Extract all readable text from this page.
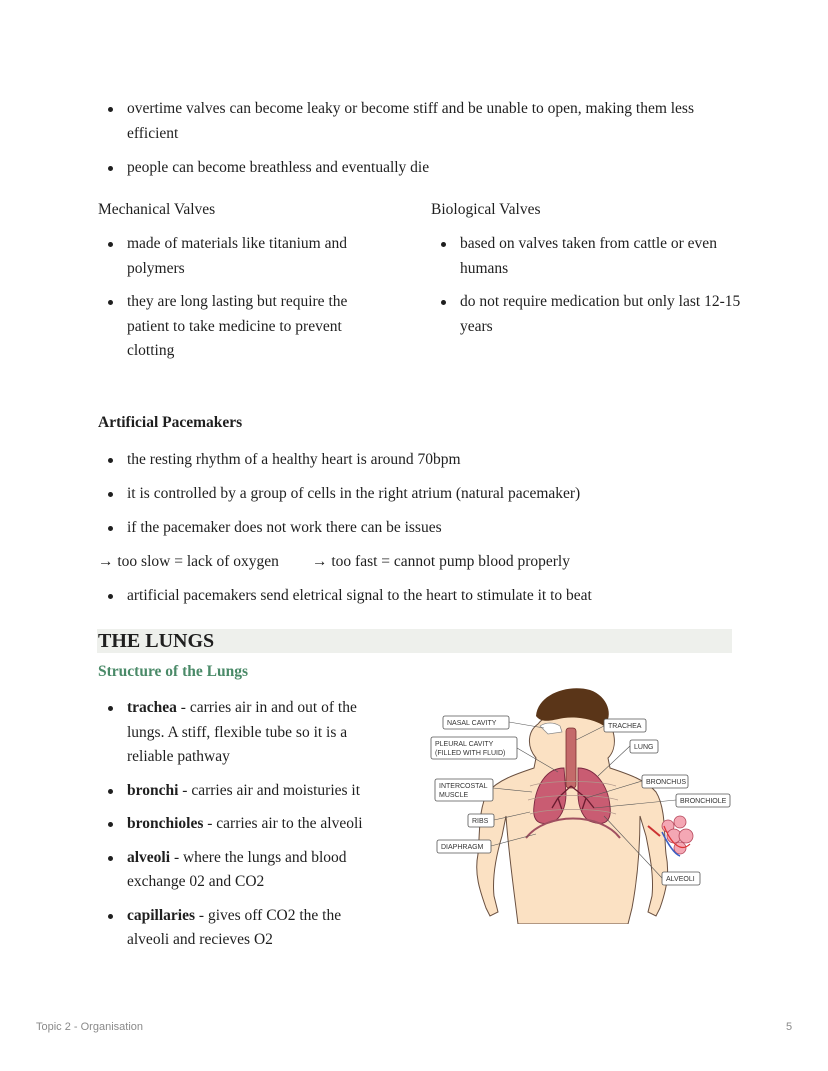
overtime valves can become leaky or become stiff and be unable to open, making them less efficient
people can become breathless and eventually die
Mechanical Valves
made of materials like titanium and polymers
they are long lasting but require the patient to take medicine to prevent clotting
Biological Valves
based on valves taken from cattle or even humans
do not require medication but only last 12-15 years
Artificial Pacemakers
the resting rhythm of a healthy heart is around 70bpm
it is controlled by a group of cells in the right atrium (natural pacemaker)
if the pacemaker does not work there can be issues
→ too slow = lack of oxygen → too fast = cannot pump blood properly
artificial pacemakers send eletrical signal to the heart to stimulate it to beat
THE LUNGS
Structure of the Lungs
trachea - carries air in and out of the lungs. A stiff, flexible tube so it is a reliable pathway
bronchi - carries air and moisturies it
bronchioles - carries air to the alveoli
alveoli - where the lungs and blood exchange 02 and CO2
capillaries - gives off CO2 the the alveoli and recieves O2
NASAL CAVITY
PLEURAL CAVITY
(FILLED WITH FLUID)
INTERCOSTAL
MUSCLE
RIBS
DIAPHRAGM
TRACHEA
LUNG
BRONCHUS
BRONCHIOLE
ALVEOLI
Topic 2 - Organisation	5
